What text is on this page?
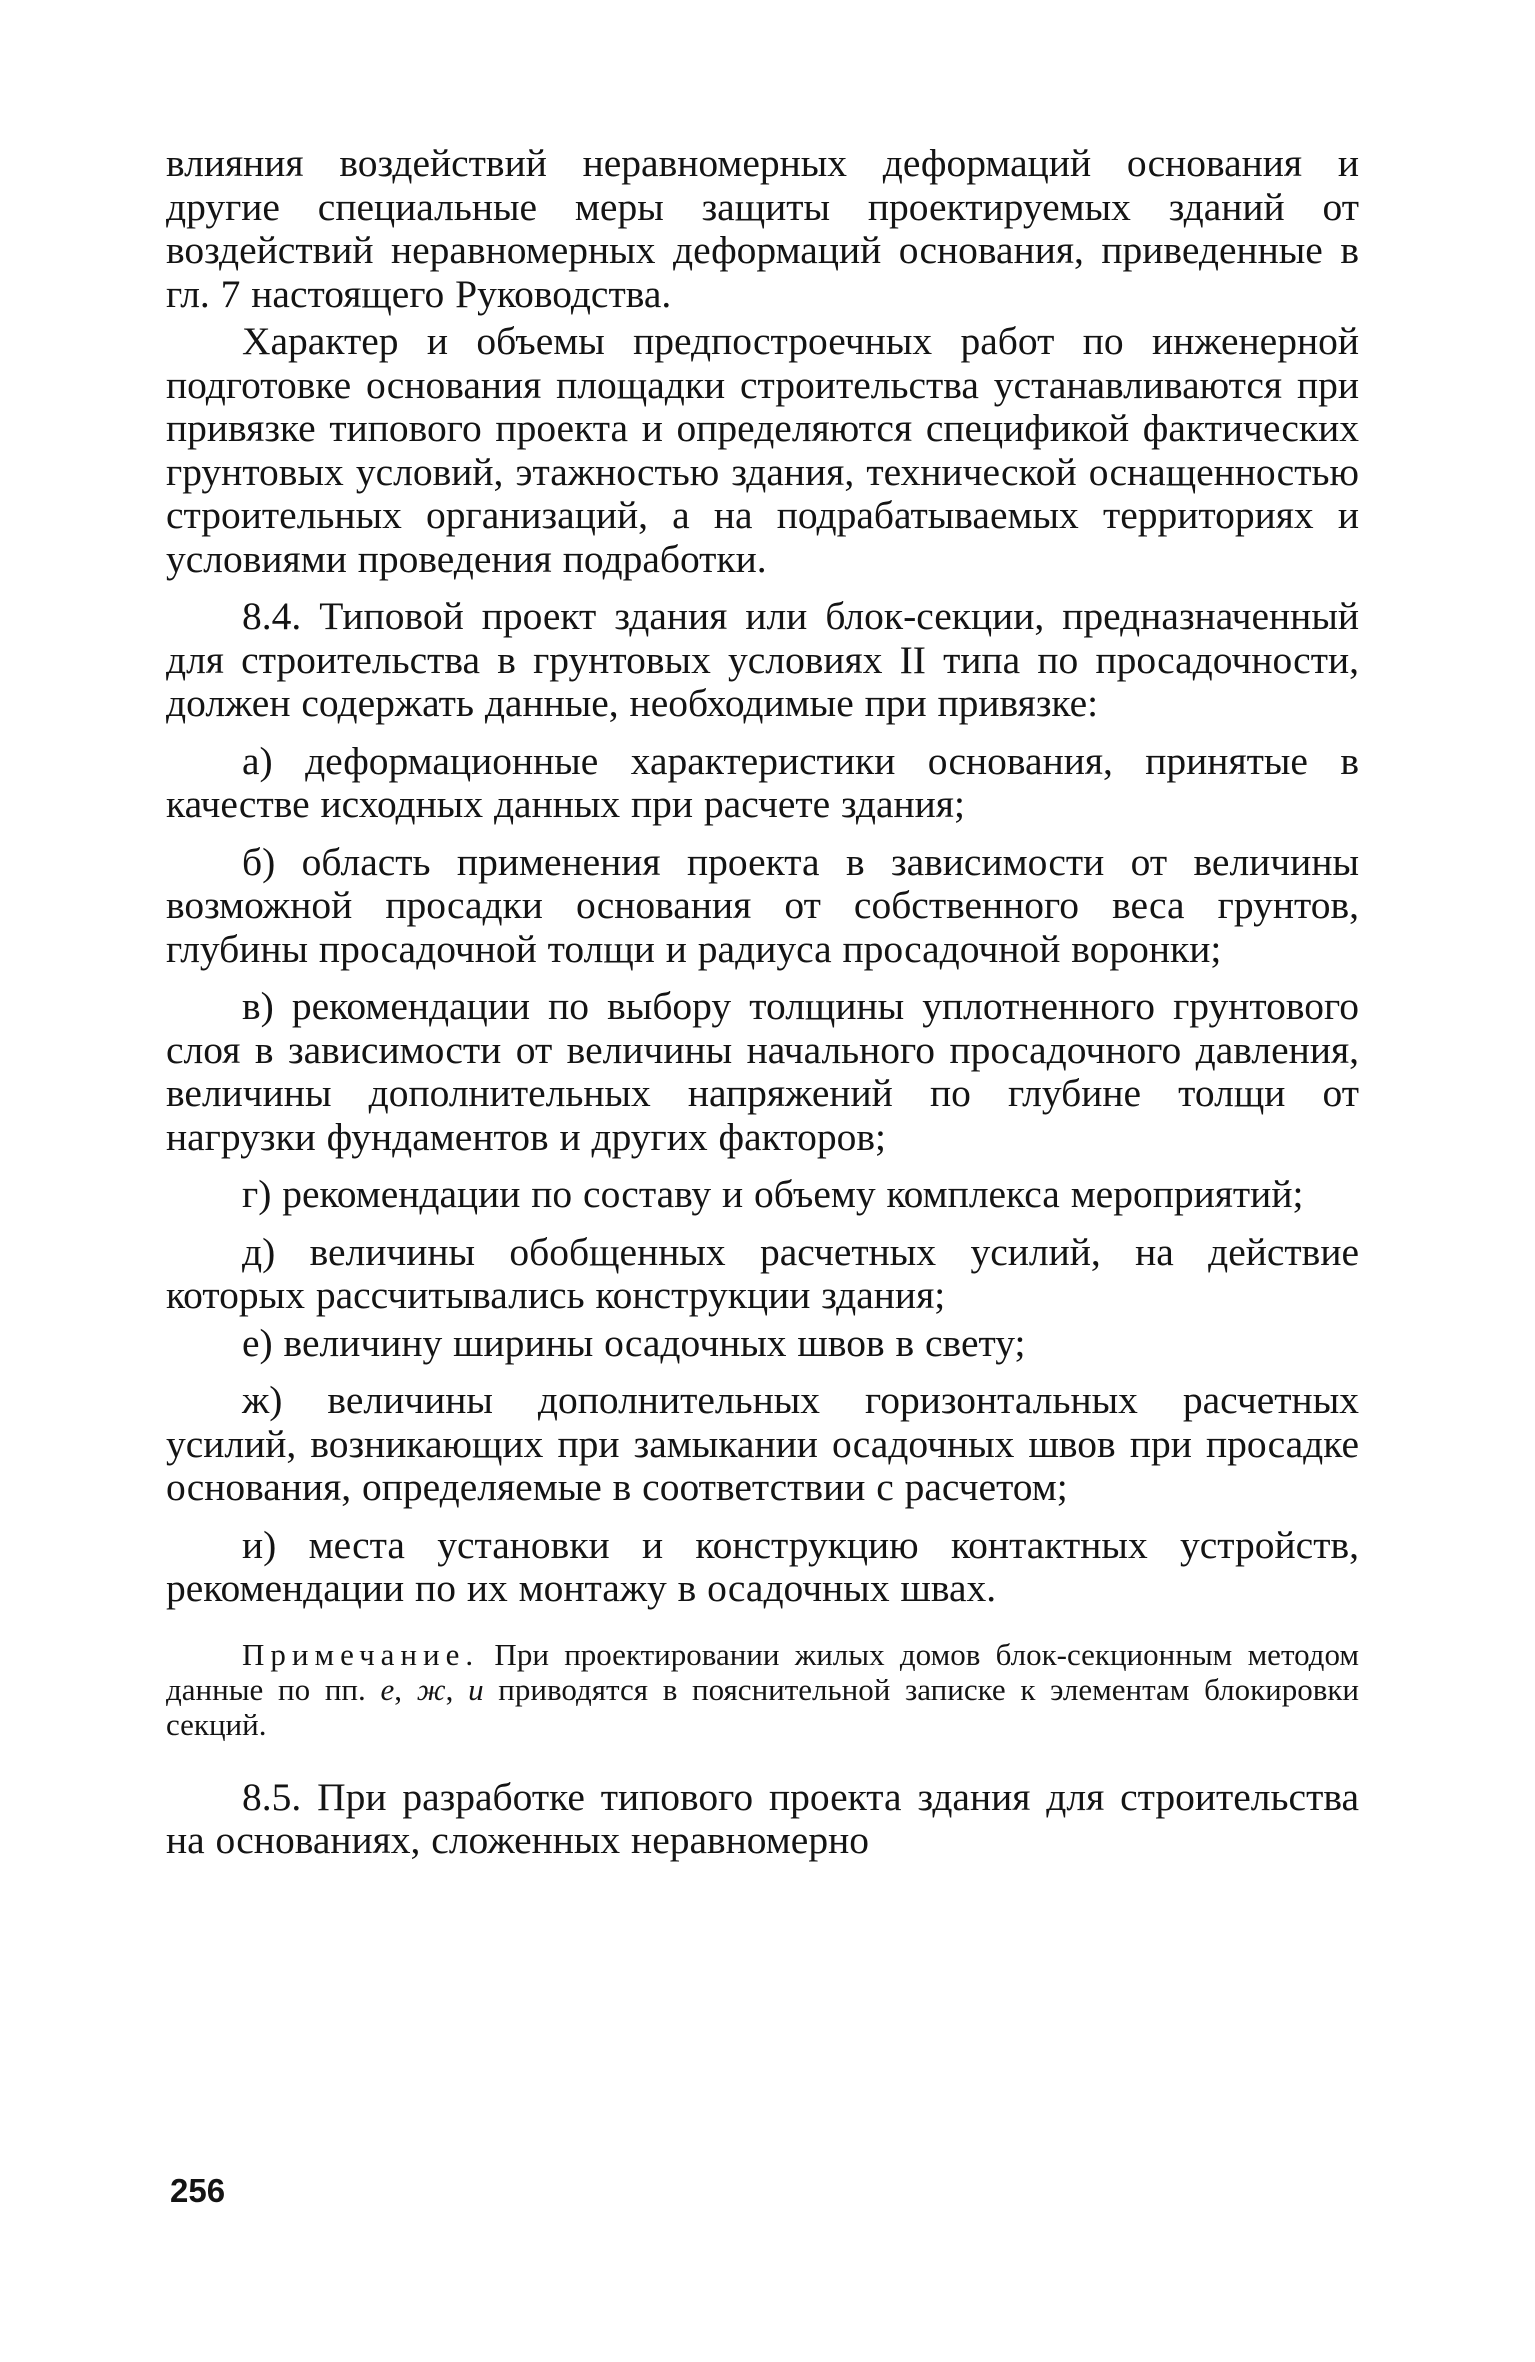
влияния воздействий неравномерных деформаций основания и другие специальные меры защиты проектируемых зданий от воздействий неравномерных деформаций основания, приведенные в гл. 7 настоящего Руководства.

Характер и объемы предпостроечных работ по инженерной подготовке основания площадки строительства устанавливаются при привязке типового проекта и определяются спецификой фактических грунтовых условий, этажностью здания, технической оснащенностью строительных организаций, а на подрабатываемых территориях и условиями проведения подработки.

8.4. Типовой проект здания или блок-секции, предназначенный для строительства в грунтовых условиях II типа по просадочности, должен содержать данные, необходимые при привязке:

а) деформационные характеристики основания, принятые в качестве исходных данных при расчете здания;

б) область применения проекта в зависимости от величины возможной просадки основания от собственного веса грунтов, глубины просадочной толщи и радиуса просадочной воронки;

в) рекомендации по выбору толщины уплотненного грунтового слоя в зависимости от величины начального просадочного давления, величины дополнительных напряжений по глубине толщи от нагрузки фундаментов и других факторов;

г) рекомендации по составу и объему комплекса мероприятий;

д) величины обобщенных расчетных усилий, на действие которых рассчитывались конструкции здания;

е) величину ширины осадочных швов в свету;

ж) величины дополнительных горизонтальных расчетных усилий, возникающих при замыкании осадочных швов при просадке основания, определяемые в соответствии с расчетом;

и) места установки и конструкцию контактных устройств, рекомендации по их монтажу в осадочных швах.

Примечание. При проектировании жилых домов блок-секционным методом данные по пп. е, ж, и приводятся в пояснительной записке к элементам блокировки секций.

8.5. При разработке типового проекта здания для строительства на основаниях, сложенных неравномерно

256
